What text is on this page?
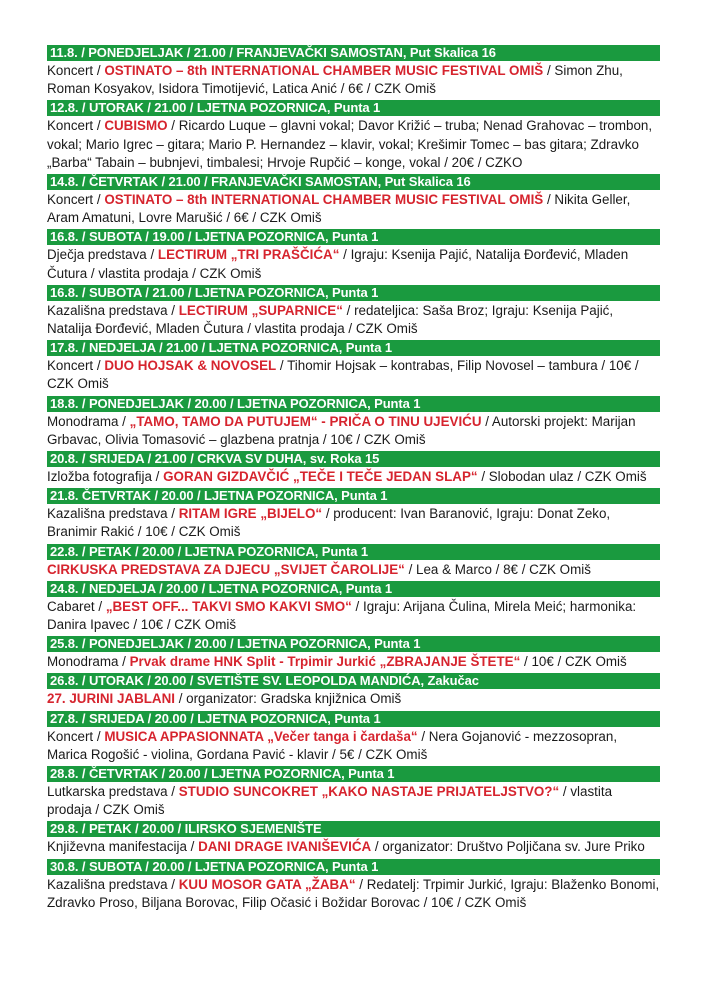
11.8. / PONEDJELJAK / 21.00 / FRANJEVAČKI SAMOSTAN, Put Skalica 16
Koncert / OSTINATO – 8th INTERNATIONAL CHAMBER MUSIC FESTIVAL OMIŠ / Simon Zhu, Roman Kosyakov, Isidora Timotijević, Latica Anić / 6€ / CZK Omiš
12.8. / UTORAK / 21.00 / LJETNA POZORNICA, Punta 1
Koncert / CUBISMO / Ricardo Luque – glavni vokal; Davor Križić – truba; Nenad Grahovac – trombon, vokal; Mario Igrec – gitara; Mario P. Hernandez – klavir, vokal; Krešimir Tomec – bas gitara; Zdravko „Barba“ Tabain – bubnjevi, timbalesi; Hrvoje Rupčić – konge, vokal / 20€ / CZKO
14.8. / ČETVRTAK / 21.00 / FRANJEVAČKI SAMOSTAN, Put Skalica 16
Koncert / OSTINATO – 8th INTERNATIONAL CHAMBER MUSIC FESTIVAL OMIŠ / Nikita Geller, Aram Amatuni, Lovre Marušić / 6€ / CZK Omiš
16.8. / SUBOTA / 19.00 / LJETNA POZORNICA, Punta 1
Dječja predstava / LECTIRUM „TRI PRAŠČIĆA“ / Igraju: Ksenija Pajić, Natalija Đorđević, Mladen Čutura / vlastita prodaja / CZK Omiš
16.8. / SUBOTA / 21.00 / LJETNA POZORNICA, Punta 1
Kazališna predstava / LECTIRUM „SUPARNICE“ / redateljica: Saša Broz; Igraju: Ksenija Pajić, Natalija Đorđević, Mladen Čutura / vlastita prodaja / CZK Omiš
17.8. / NEDJELJA / 21.00 / LJETNA POZORNICA, Punta 1
Koncert / DUO HOJSAK & NOVOSEL / Tihomir Hojsak – kontrabas, Filip Novosel – tambura / 10€ / CZK Omiš
18.8. / PONEDJELJAK / 20.00 / LJETNA POZORNICA, Punta 1
Monodrama / „TAMO, TAMO DA PUTUJEM“ - PRIČA O TINU UJEVIĆU / Autorski projekt: Marijan Grbavac, Olivia Tomasović – glazbena pratnja / 10€ / CZK Omiš
20.8. / SRIJEDA / 21.00 / CRKVA SV DUHA, sv. Roka 15
Izložba fotografija / GORAN GIZDAVČIĆ „TEČE I TEČE JEDAN SLAP“ / Slobodan ulaz / CZK Omiš
21.8. ČETVRTAK / 20.00 / LJETNA POZORNICA, Punta 1
Kazališna predstava / RITAM IGRE „BIJELO“ / producent: Ivan Baranović, Igraju: Donat Zeko, Branimir Rakić / 10€ / CZK Omiš
22.8. / PETAK / 20.00 / LJETNA POZORNICA, Punta 1
CIRKUSKA PREDSTAVA ZA DJECU „SVIJET ČAROLIJE“ / Lea & Marco / 8€ / CZK Omiš
24.8. / NEDJELJA / 20.00 / LJETNA POZORNICA, Punta 1
Cabaret / „BEST OFF... TAKVI SMO KAKVI SMO“ / Igraju: Arijana Čulina, Mirela Meić; harmonika: Danira Ipavec / 10€ / CZK Omiš
25.8. / PONEDJELJAK / 20.00 / LJETNA POZORNICA, Punta 1
Monodrama / Prvak drame HNK Split - Trpimir Jurkić „ZBRAJANJE ŠTETE“ / 10€ / CZK Omiš
26.8. / UTORAK / 20.00 / SVETIŠTE SV. LEOPOLDA MANDIĆA, Zakučac
27. JURINI JABLANI / organizator: Gradska knjižnica Omiš
27.8. / SRIJEDA / 20.00 / LJETNA POZORNICA, Punta 1
Koncert / MUSICA APPASIONNATA „Večer tanga i čardaša“ / Nera Gojanović - mezzosopran, Marica Rogošić - violina, Gordana Pavić - klavir / 5€ / CZK Omiš
28.8. / ČETVRTAK / 20.00 / LJETNA POZORNICA, Punta 1
Lutkarska predstava / STUDIO SUNCOKRET „KAKO NASTAJE PRIJATELJSTVO?“ / vlastita prodaja / CZK Omiš
29.8. / PETAK / 20.00 / ILIRSKO SJEMENIŠTE
Književna manifestacija / DANI DRAGE IVANIŠEVIĆA / organizator: Društvo Poljičana sv. Jure Priko
30.8. / SUBOTA / 20.00 / LJETNA POZORNICA, Punta 1
Kazališna predstava / KUU MOSOR GATA „ŽABA“ / Redatelj: Trpimir Jurkić, Igraju: Blaženko Bonomi, Zdravko Proso, Biljana Borovac, Filip Očasić i Božidar Borovac / 10€ / CZK Omiš
